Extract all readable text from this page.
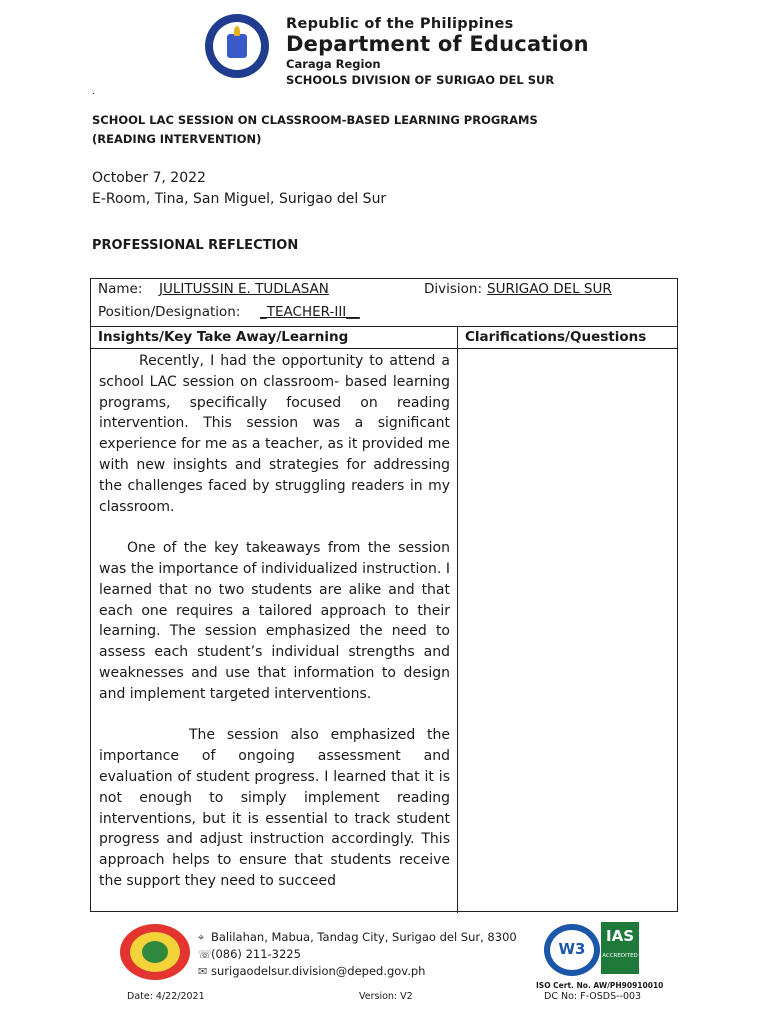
Republic of the Philippines
Department of Education
Caraga Region
SCHOOLS DIVISION OF SURIGAO DEL SUR
.
SCHOOL LAC SESSION ON CLASSROOM-BASED LEARNING PROGRAMS
(READING INTERVENTION)
October 7, 2022
E-Room, Tina, San Miguel, Surigao del Sur
PROFESSIONAL REFLECTION
Name: JULITUSSIN E. TUDLASAN	Division: SURIGAO DEL SUR
Position/Designation: _TEACHER-III__
Insights/Key Take Away/Learning	Clarifications/Questions

Recently, I had the opportunity to attend a school LAC session on classroom- based learning programs, specifically focused on reading intervention. This session was a significant experience for me as a teacher, as it provided me with new insights and strategies for addressing the challenges faced by struggling readers in my classroom.

One of the key takeaways from the session was the importance of individualized instruction. I learned that no two students are alike and that each one requires a tailored approach to their learning. The session emphasized the need to assess each student’s individual strengths and weaknesses and use that information to design and implement targeted interventions.

The session also emphasized the importance of ongoing assessment and evaluation of student progress. I learned that it is not enough to simply implement reading interventions, but it is essential to track student progress and adjust instruction accordingly. This approach helps to ensure that students receive the support they need to succeed

⌖ Balilahan, Mabua, Tandag City, Surigao del Sur, 8300
☏(086) 211-3225
✉ surigaodelsur.division@deped.gov.ph
W3
IAS
ACCREDITED
ISO Cert. No. AW/PH90910010
Date: 4/22/2021	Version: V2	DC No: F-OSDS--003
